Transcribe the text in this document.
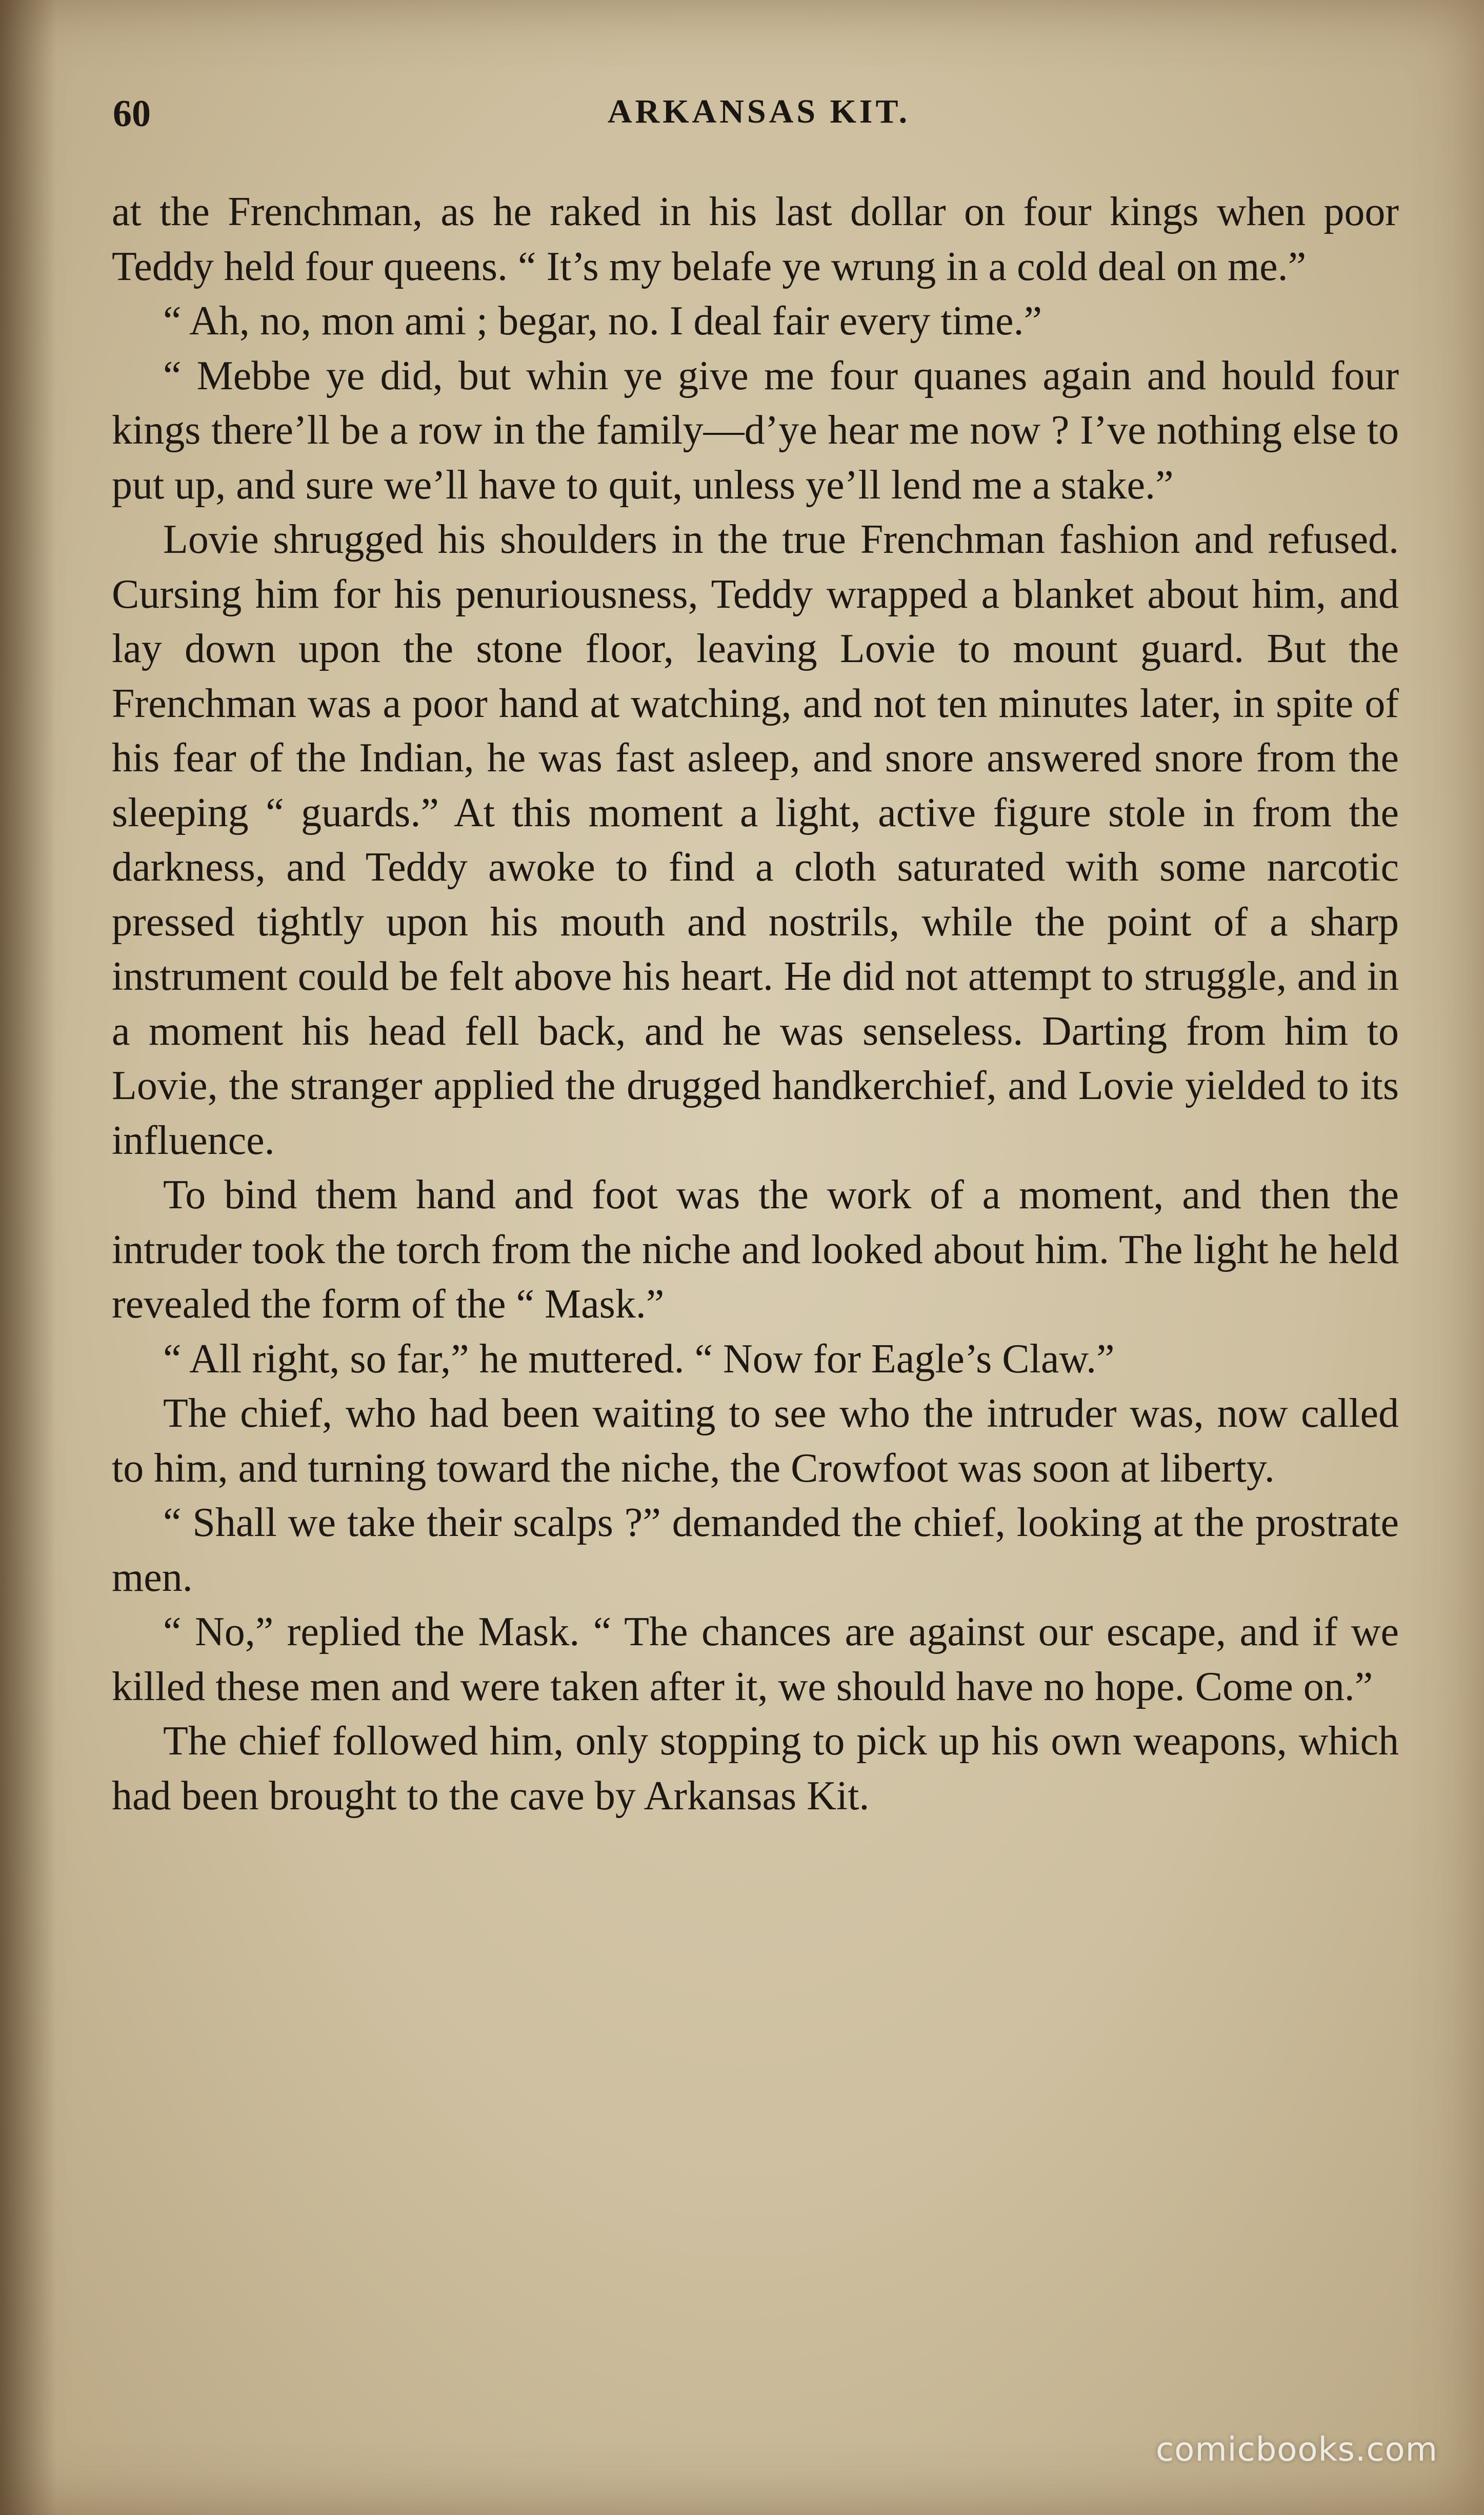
60	ARKANSAS KIT.

at the Frenchman, as he raked in his last dollar on four kings when poor Teddy held four queens. “ It’s my belafe ye wrung in a cold deal on me.”

“ Ah, no, mon ami ; begar, no. I deal fair every time.”

“ Mebbe ye did, but whin ye give me four quanes again and hould four kings there’ll be a row in the family—d’ye hear me now ? I’ve nothing else to put up, and sure we’ll have to quit, unless ye’ll lend me a stake.”

Lovie shrugged his shoulders in the true Frenchman fashion and refused. Cursing him for his penuriousness, Teddy wrapped a blanket about him, and lay down upon the stone floor, leaving Lovie to mount guard. But the Frenchman was a poor hand at watching, and not ten minutes later, in spite of his fear of the Indian, he was fast asleep, and snore answered snore from the sleeping “ guards.” At this moment a light, active figure stole in from the darkness, and Teddy awoke to find a cloth saturated with some narcotic pressed tightly upon his mouth and nostrils, while the point of a sharp instrument could be felt above his heart. He did not attempt to struggle, and in a moment his head fell back, and he was senseless. Darting from him to Lovie, the stranger applied the drugged handkerchief, and Lovie yielded to its influence.

To bind them hand and foot was the work of a moment, and then the intruder took the torch from the niche and looked about him. The light he held revealed the form of the “ Mask.”

“ All right, so far,” he muttered. “ Now for Eagle’s Claw.”

The chief, who had been waiting to see who the intruder was, now called to him, and turning toward the niche, the Crowfoot was soon at liberty.

“ Shall we take their scalps ?” demanded the chief, looking at the prostrate men.

“ No,” replied the Mask. “ The chances are against our escape, and if we killed these men and were taken after it, we should have no hope. Come on.”

The chief followed him, only stopping to pick up his own weapons, which had been brought to the cave by Arkansas Kit.

comicbooks.com
